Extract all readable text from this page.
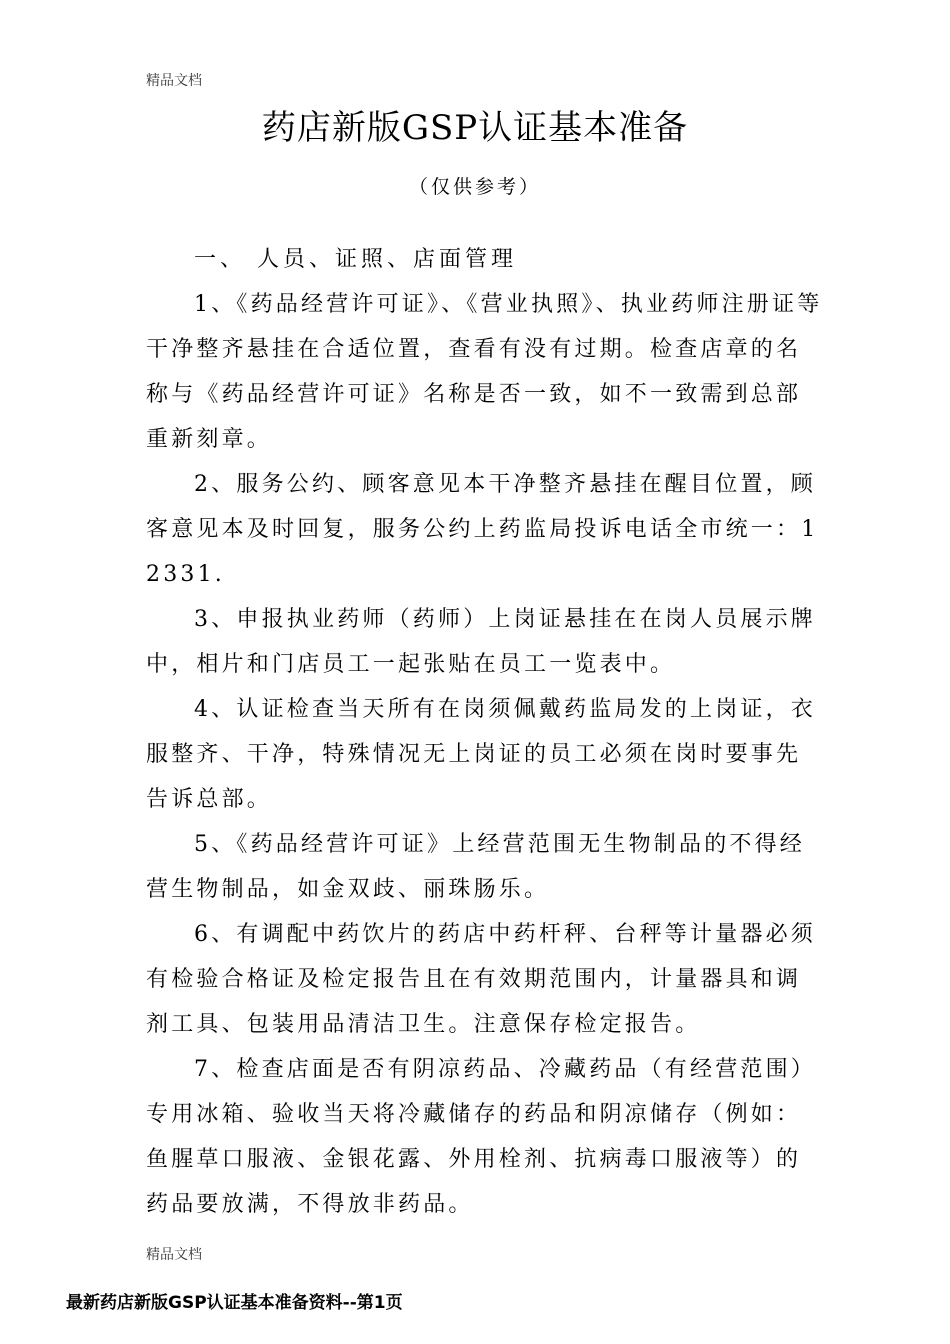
精品文档
药店新版GSP认证基本准备
（仅供参考）

一、 人员、证照、店面管理

1、《药品经营许可证》、《营业执照》、执业药师注册证等干净整齐悬挂在合适位置，查看有没有过期。检查店章的名称与《药品经营许可证》名称是否一致，如不一致需到总部重新刻章。

2、服务公约、顾客意见本干净整齐悬挂在醒目位置，顾客意见本及时回复，服务公约上药监局投诉电话全市统一：12331.

3、申报执业药师（药师）上岗证悬挂在在岗人员展示牌中，相片和门店员工一起张贴在员工一览表中。

4、认证检查当天所有在岗须佩戴药监局发的上岗证，衣服整齐、干净，特殊情况无上岗证的员工必须在岗时要事先告诉总部。

5、《药品经营许可证》上经营范围无生物制品的不得经营生物制品，如金双歧、丽珠肠乐。

6、有调配中药饮片的药店中药杆秤、台秤等计量器必须有检验合格证及检定报告且在有效期范围内，计量器具和调剂工具、包装用品清洁卫生。注意保存检定报告。

7、检查店面是否有阴凉药品、冷藏药品（有经营范围）专用冰箱、验收当天将冷藏储存的药品和阴凉储存（例如：鱼腥草口服液、金银花露、外用栓剂、抗病毒口服液等）的药品要放满，不得放非药品。

精品文档
最新药店新版GSP认证基本准备资料--第1页
